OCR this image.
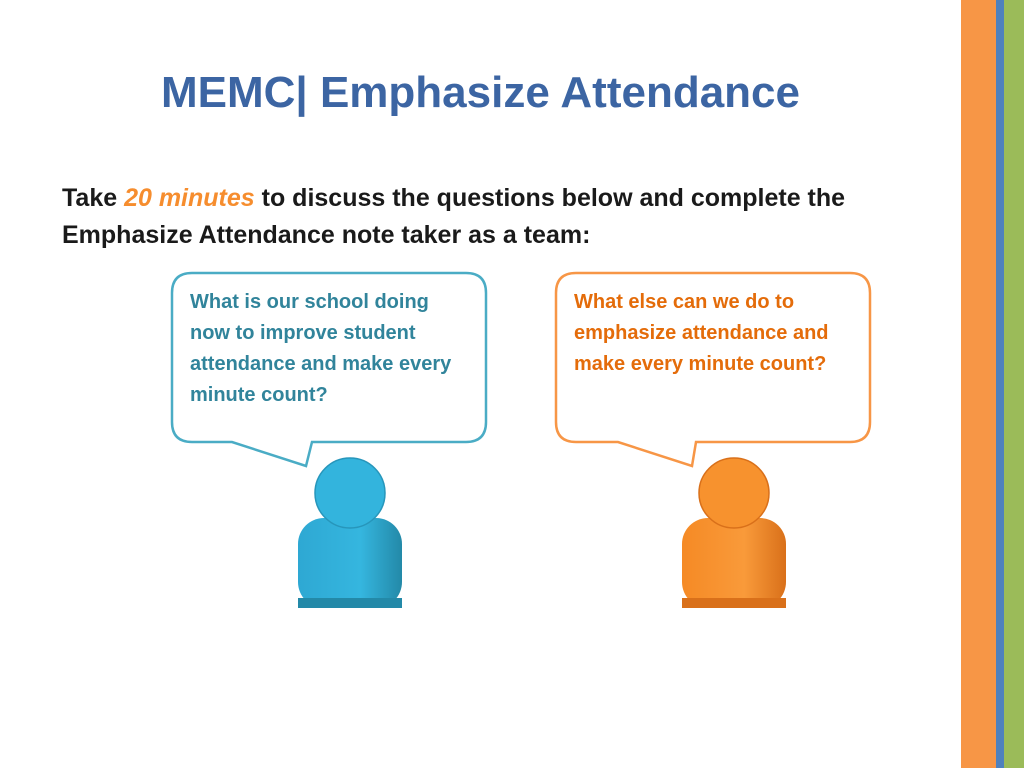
MEMC| Emphasize Attendance
Take 20 minutes to discuss the questions below and complete the Emphasize Attendance note taker as a team:
What is our school doing now to improve student attendance and make every minute count?
What else can we do to emphasize attendance and make every minute count?
